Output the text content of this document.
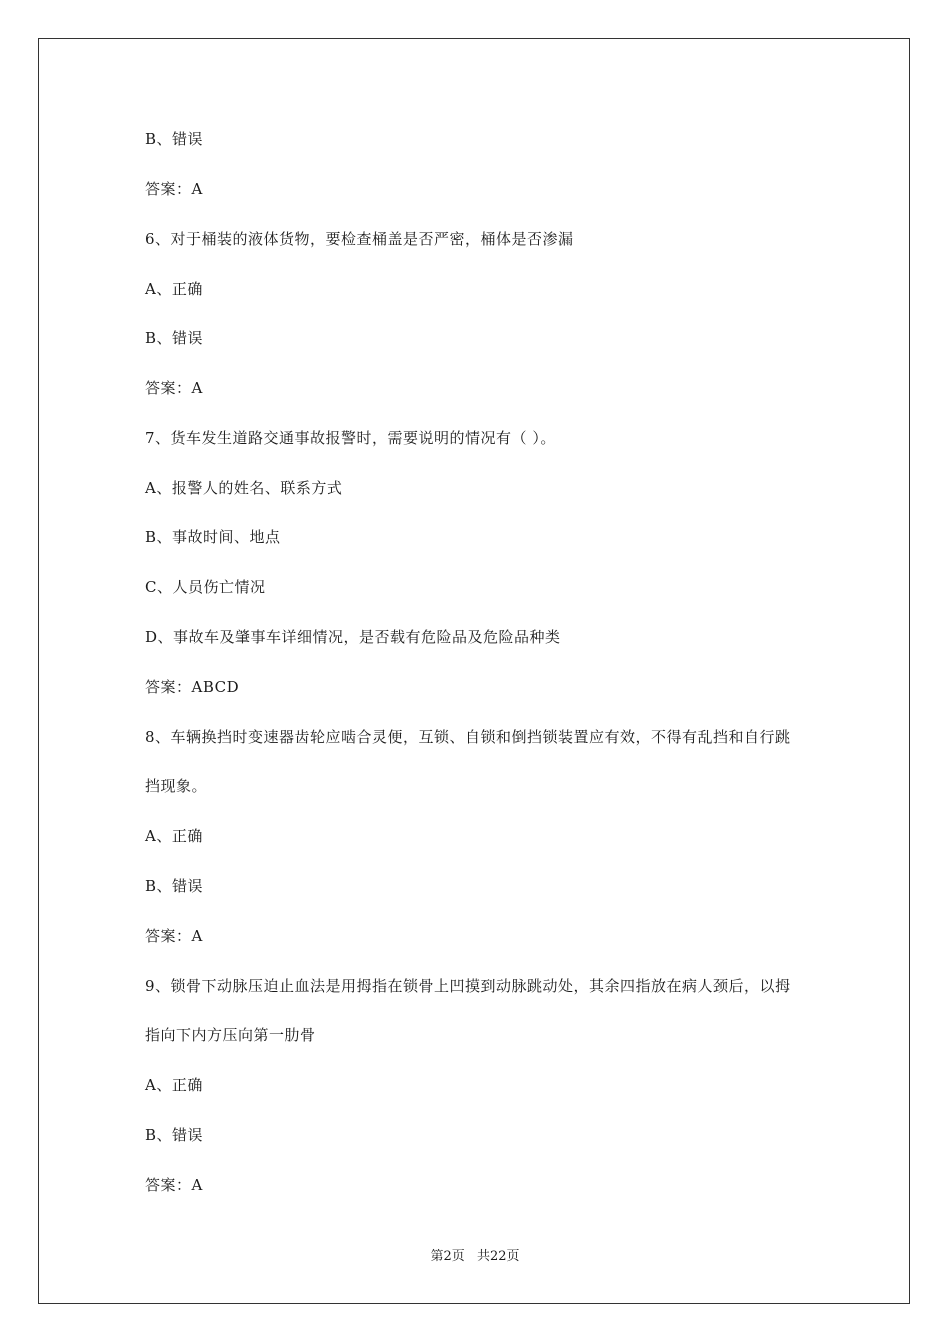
B、错误
答案：A
6、对于桶装的液体货物，要检查桶盖是否严密，桶体是否渗漏
A、正确
B、错误
答案：A
7、货车发生道路交通事故报警时，需要说明的情况有（ ）。
A、报警人的姓名、联系方式
B、事故时间、地点
C、人员伤亡情况
D、事故车及肇事车详细情况，是否载有危险品及危险品种类
答案：ABCD
8、车辆换挡时变速器齿轮应啮合灵便，互锁、自锁和倒挡锁装置应有效，不得有乱挡和自行跳
挡现象。
A、正确
B、错误
答案：A
9、锁骨下动脉压迫止血法是用拇指在锁骨上凹摸到动脉跳动处，其余四指放在病人颈后，以拇
指向下内方压向第一肋骨
A、正确
B、错误
答案：A
第2页 共22页
